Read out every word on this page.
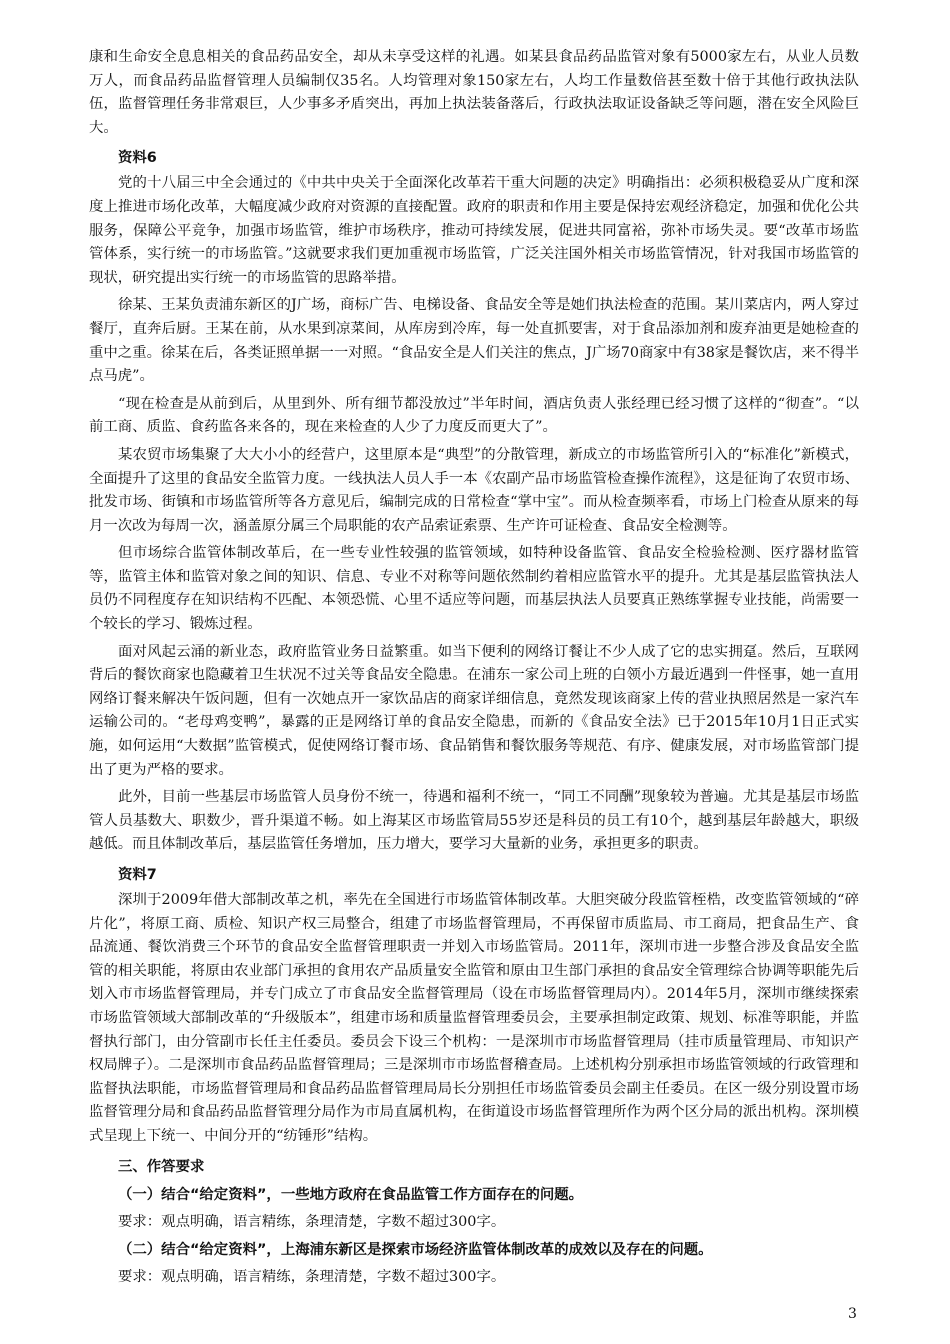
康和生命安全息息相关的食品药品安全，却从未享受这样的礼遇。如某县食品药品监管对象有5000家左右，从业人员数万人，而食品药品监督管理人员编制仅35名。人均管理对象150家左右，人均工作量数倍甚至数十倍于其他行政执法队伍，监督管理任务非常艰巨，人少事多矛盾突出，再加上执法装备落后，行政执法取证设备缺乏等问题，潜在安全风险巨大。

资料6

党的十八届三中全会通过的《中共中央关于全面深化改革若干重大问题的决定》明确指出：必须积极稳妥从广度和深度上推进市场化改革，大幅度减少政府对资源的直接配置。政府的职责和作用主要是保持宏观经济稳定，加强和优化公共服务，保障公平竞争，加强市场监管，维护市场秩序，推动可持续发展，促进共同富裕，弥补市场失灵。要“改革市场监管体系，实行统一的市场监管。”这就要求我们更加重视市场监管，广泛关注国外相关市场监管情况，针对我国市场监管的现状，研究提出实行统一的市场监管的思路举措。

徐某、王某负责浦东新区的J广场，商标广告、电梯设备、食品安全等是她们执法检查的范围。某川菜店内，两人穿过餐厅，直奔后厨。王某在前，从水果到凉菜间，从库房到冷库，每一处直抓要害，对于食品添加剂和废弃油更是她检查的重中之重。徐某在后，各类证照单据一一对照。“食品安全是人们关注的焦点，J广场70商家中有38家是餐饮店，来不得半点马虎”。

“现在检查是从前到后，从里到外、所有细节都没放过”半年时间，酒店负责人张经理已经习惯了这样的“彻查”。“以前工商、质监、食药监各来各的，现在来检查的人少了力度反而更大了”。

某农贸市场集聚了大大小小的经营户，这里原本是“典型”的分散管理，新成立的市场监管所引入的“标准化”新模式，全面提升了这里的食品安全监管力度。一线执法人员人手一本《农副产品市场监管检查操作流程》，这是征询了农贸市场、批发市场、街镇和市场监管所等各方意见后，编制完成的日常检查“掌中宝”。而从检查频率看，市场上门检查从原来的每月一次改为每周一次，涵盖原分属三个局职能的农产品索证索票、生产许可证检查、食品安全检测等。

但市场综合监管体制改革后，在一些专业性较强的监管领域，如特种设备监管、食品安全检验检测、医疗器材监管等，监管主体和监管对象之间的知识、信息、专业不对称等问题依然制约着相应监管水平的提升。尤其是基层监管执法人员仍不同程度存在知识结构不匹配、本领恐慌、心里不适应等问题，而基层执法人员要真正熟练掌握专业技能，尚需要一个较长的学习、锻炼过程。

面对风起云涌的新业态，政府监管业务日益繁重。如当下便利的网络订餐让不少人成了它的忠实拥趸。然后，互联网背后的餐饮商家也隐藏着卫生状况不过关等食品安全隐患。在浦东一家公司上班的白领小方最近遇到一件怪事，她一直用网络订餐来解决午饭问题，但有一次她点开一家饮品店的商家详细信息，竟然发现该商家上传的营业执照居然是一家汽车运输公司的。“老母鸡变鸭”，暴露的正是网络订单的食品安全隐患，而新的《食品安全法》已于2015年10月1日正式实施，如何运用“大数据”监管模式，促使网络订餐市场、食品销售和餐饮服务等规范、有序、健康发展，对市场监管部门提出了更为严格的要求。

此外，目前一些基层市场监管人员身份不统一，待遇和福利不统一，“同工不同酬”现象较为普遍。尤其是基层市场监管人员基数大、职数少，晋升渠道不畅。如上海某区市场监管局55岁还是科员的员工有10个，越到基层年龄越大，职级越低。而且体制改革后，基层监管任务增加，压力增大，要学习大量新的业务，承担更多的职责。

资料7

深圳于2009年借大部制改革之机，率先在全国进行市场监管体制改革。大胆突破分段监管桎梏，改变监管领域的“碎片化”，将原工商、质检、知识产权三局整合，组建了市场监督管理局，不再保留市质监局、市工商局，把食品生产、食品流通、餐饮消费三个环节的食品安全监督管理职责一并划入市场监管局。2011年，深圳市进一步整合涉及食品安全监管的相关职能，将原由农业部门承担的食用农产品质量安全监管和原由卫生部门承担的食品安全管理综合协调等职能先后划入市市场监督管理局，并专门成立了市食品安全监督管理局（设在市场监督管理局内）。2014年5月，深圳市继续探索市场监管领域大部制改革的“升级版本”，组建市场和质量监督管理委员会，主要承担制定政策、规划、标准等职能，并监督执行部门，由分管副市长任主任委员。委员会下设三个机构：一是深圳市市场监督管理局（挂市质量管理局、市知识产权局牌子）。二是深圳市食品药品监督管理局；三是深圳市市场监督稽查局。上述机构分别承担市场监管领域的行政管理和监督执法职能，市场监督管理局和食品药品监督管理局局长分别担任市场监管委员会副主任委员。在区一级分别设置市场监督管理分局和食品药品监督管理分局作为市局直属机构，在街道设市场监督管理所作为两个区分局的派出机构。深圳模式呈现上下统一、中间分开的“纺锤形”结构。

三、作答要求
（一）结合“给定资料”，一些地方政府在食品监管工作方面存在的问题。

要求：观点明确，语言精练，条理清楚，字数不超过300字。

（二）结合“给定资料”，上海浦东新区是探索市场经济监管体制改革的成效以及存在的问题。

要求：观点明确，语言精练，条理清楚，字数不超过300字。

3
